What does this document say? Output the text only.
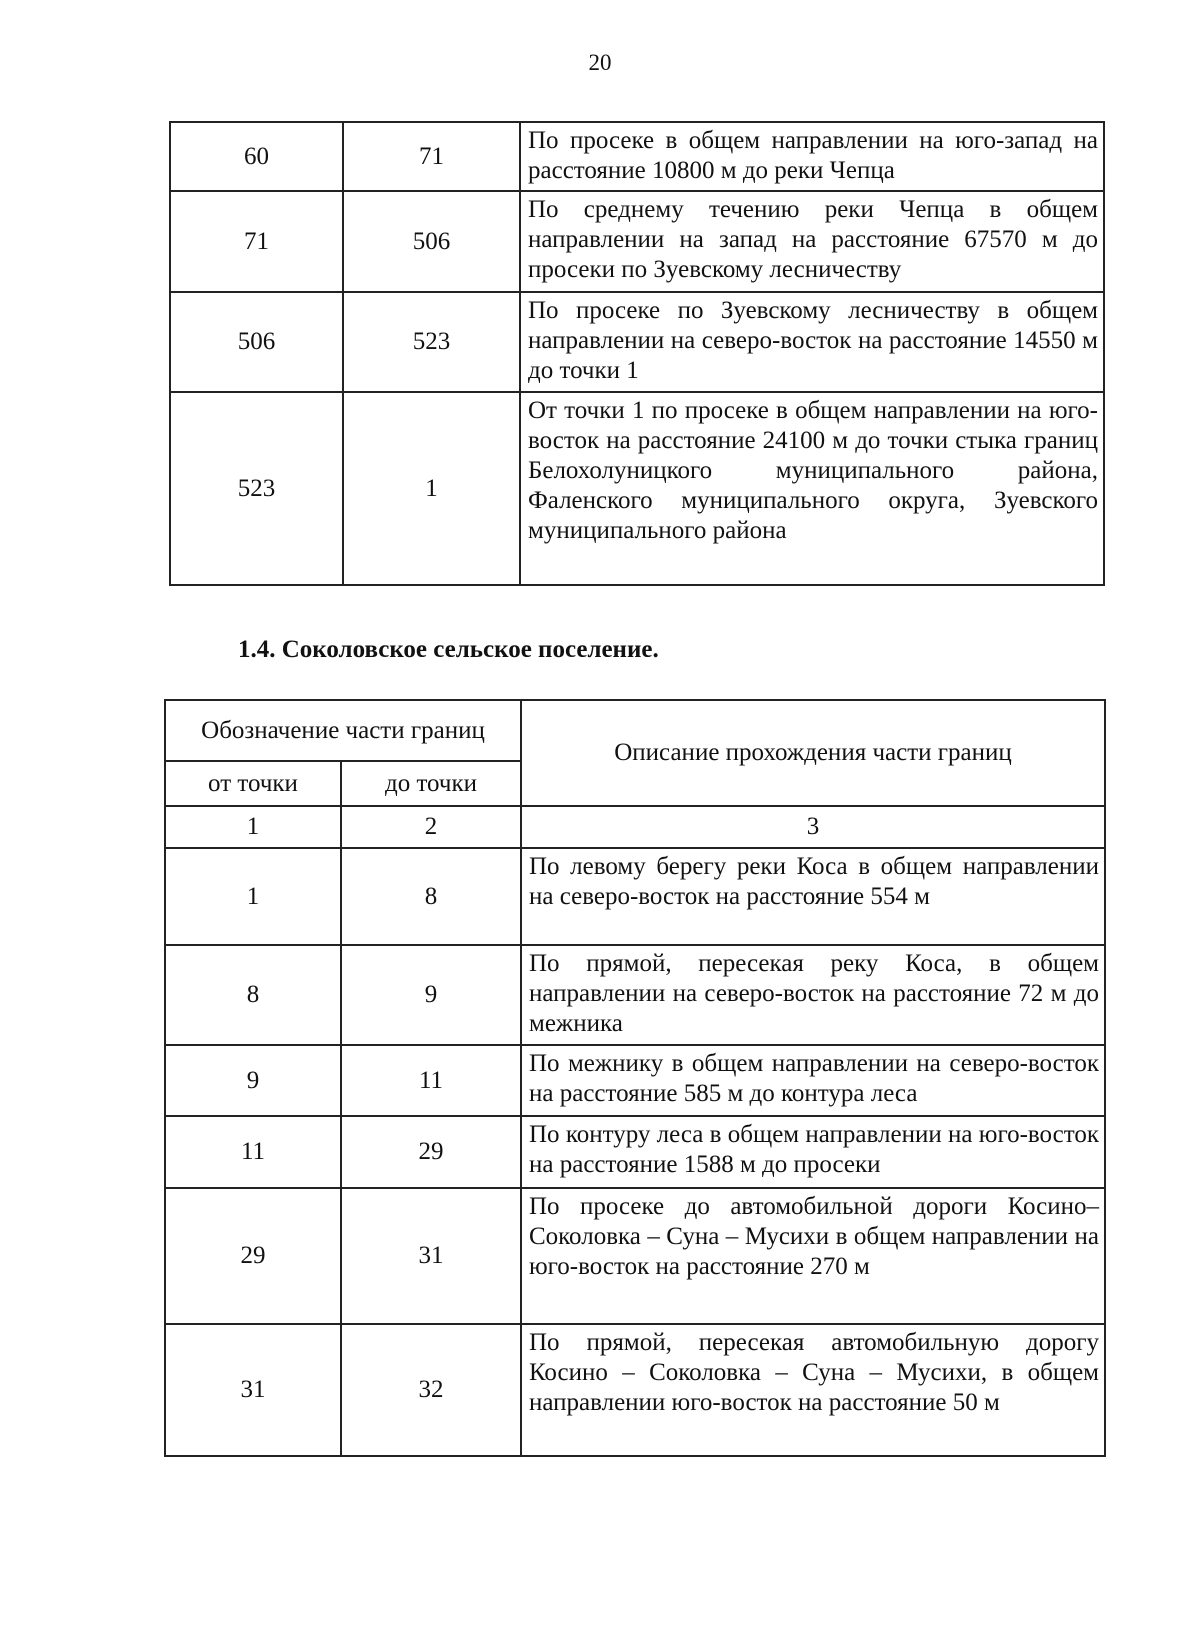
20
60	71	По просеке в общем направлении на юго-запад на расстояние 10800 м до реки Чепца
71	506	По среднему течению реки Чепца в общем направлении на запад на расстояние 67570 м до просеки по Зуевскому лесничеству
506	523	По просеке по Зуевскому лесничеству в общем направлении на северо-восток на расстояние 14550 м до точки 1
523	1	От точки 1 по просеке в общем направлении на юго-восток на расстояние 24100 м до точки стыка границ Белохолуницкого муниципального района, Фаленского муниципального округа, Зуевского муниципального района
1.4. Соколовское сельское поселение.
Обозначение части границ		Описание прохождения части границ
от точки	до точки	
1	2	3
1	8	По левому берегу реки Коса в общем направлении на северо-восток на расстояние 554 м
8	9	По прямой, пересекая реку Коса, в общем направлении на северо-восток на расстояние 72 м до межника
9	11	По межнику в общем направлении на северо-восток на расстояние 585 м до контура леса
11	29	По контуру леса в общем направлении на юго-восток на расстояние 1588 м до просеки
29	31	По просеке до автомобильной дороги Косино– Соколовка – Суна – Мусихи в общем направлении на юго-восток на расстояние 270 м
31	32	По прямой, пересекая автомобильную дорогу Косино – Соколовка – Суна – Мусихи, в общем направлении юго-восток на расстояние 50 м
